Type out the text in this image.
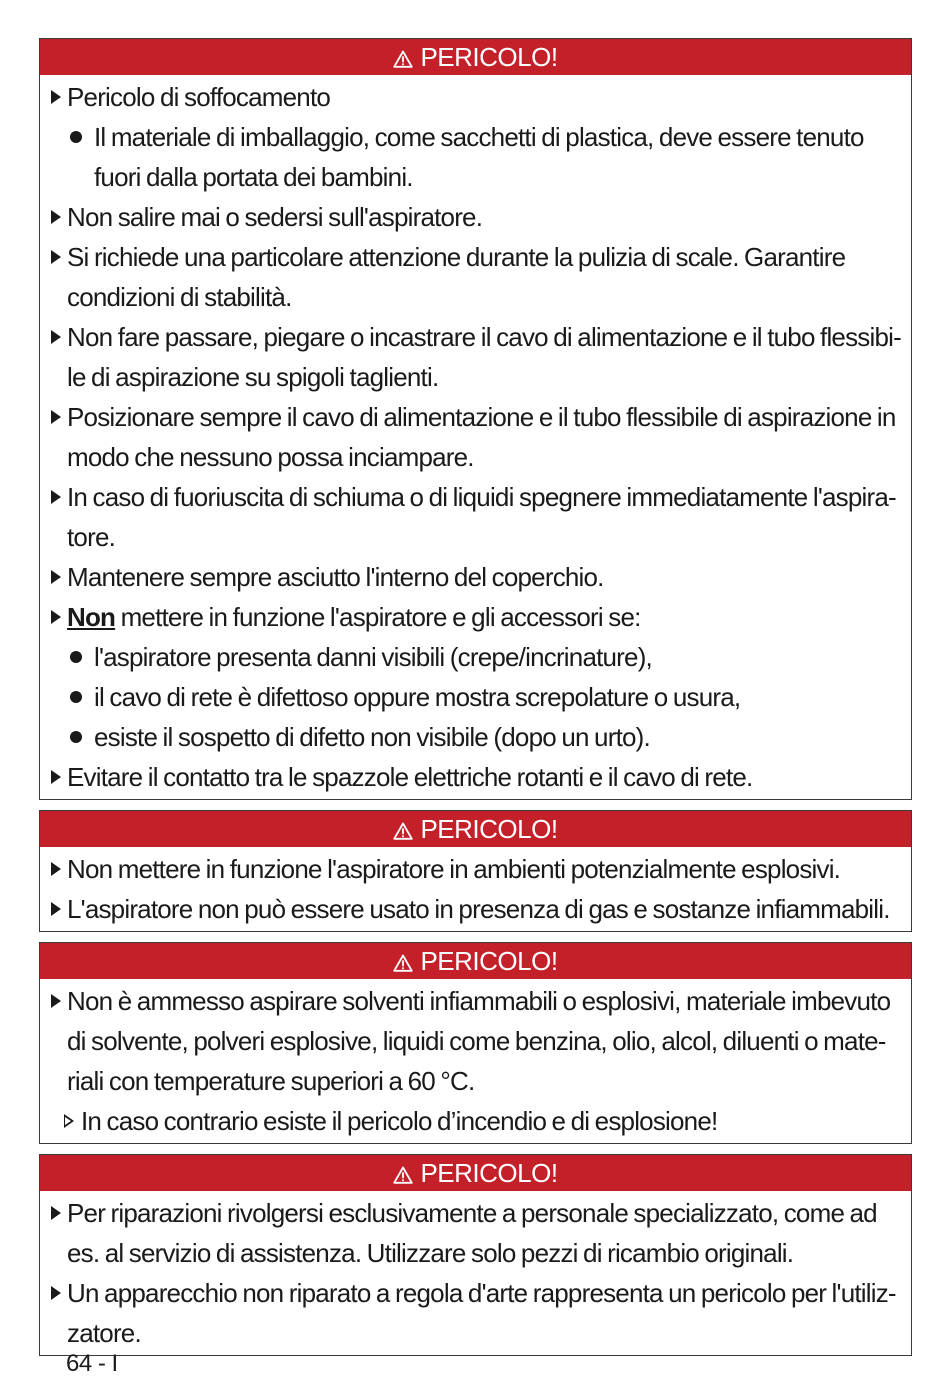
PERICOLO!
Pericolo di soffocamento
Il materiale di imballaggio, come sacchetti di plastica, deve essere tenuto fuori dalla portata dei bambini.
Non salire mai o sedersi sull'aspiratore.
Si richiede una particolare attenzione durante la pulizia di scale. Garantire condizioni di stabilità.
Non fare passare, piegare o incastrare il cavo di alimentazione e il tubo flessibi-le di aspirazione su spigoli taglienti.
Posizionare sempre il cavo di alimentazione e il tubo flessibile di aspirazione in modo che nessuno possa inciampare.
In caso di fuoriuscita di schiuma o di liquidi spegnere immediatamente l'aspira-tore.
Mantenere sempre asciutto l'interno del coperchio.
Non mettere in funzione l'aspiratore e gli accessori se:
l'aspiratore presenta danni visibili (crepe/incrinature),
il cavo di rete è difettoso oppure mostra screpolature o usura,
esiste il sospetto di difetto non visibile (dopo un urto).
Evitare il contatto tra le spazzole elettriche rotanti e il cavo di rete.
PERICOLO!
Non mettere in funzione l'aspiratore in ambienti potenzialmente esplosivi.
L'aspiratore non può essere usato in presenza di gas e sostanze infiammabili.
PERICOLO!
Non è ammesso aspirare solventi infiammabili o esplosivi, materiale imbevuto di solvente, polveri esplosive, liquidi come benzina, olio, alcol, diluenti o mate-riali con temperature superiori a 60 °C.
In caso contrario esiste il pericolo d’incendio e di esplosione!
PERICOLO!
Per riparazioni rivolgersi esclusivamente a personale specializzato, come ad es. al servizio di assistenza. Utilizzare solo pezzi di ricambio originali.
Un apparecchio non riparato a regola d'arte rappresenta un pericolo per l'utiliz-zatore.
64 - I
